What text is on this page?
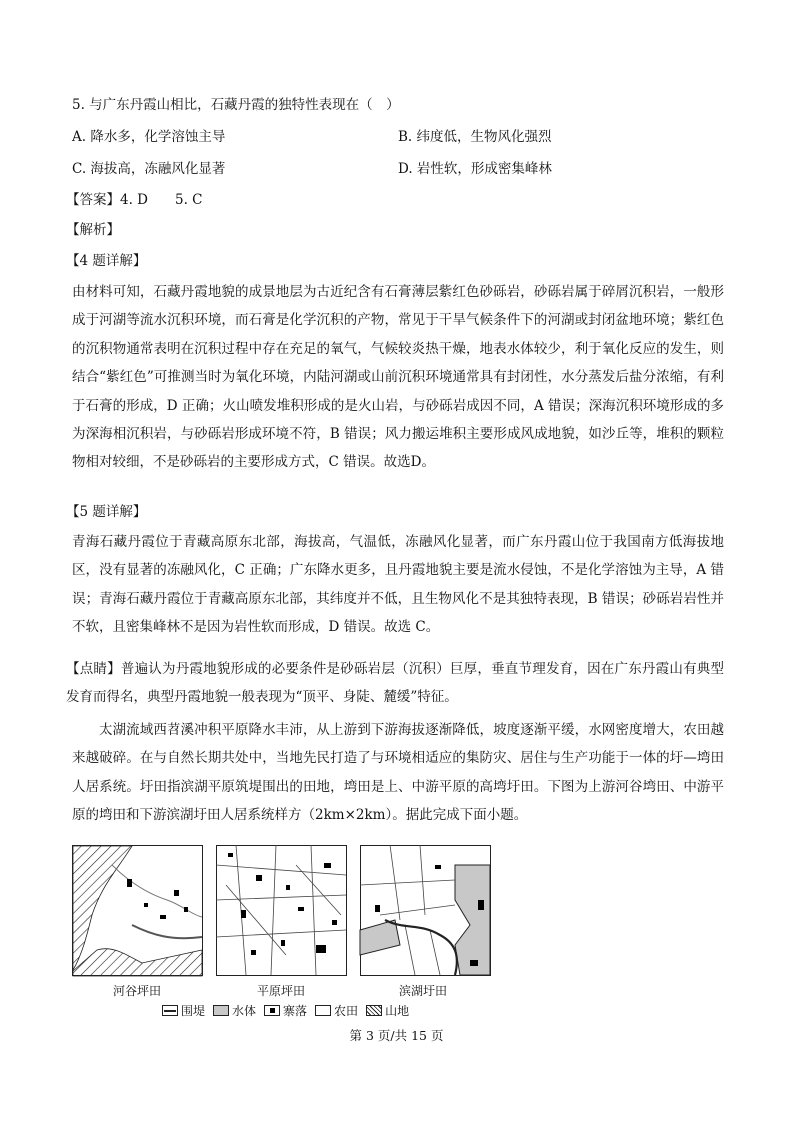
5. 与广东丹霞山相比，石藏丹霞的独特性表现在（　）
A. 降水多，化学溶蚀主导	B. 纬度低，生物风化强烈
C. 海拔高，冻融风化显著	D. 岩性软，形成密集峰林
【答案】4. D　　5. C
【解析】
【4 题详解】
由材料可知，石藏丹霞地貌的成景地层为古近纪含有石膏薄层紫红色砂砾岩，砂砾岩属于碎屑沉积岩，一般形成于河湖等流水沉积环境，而石膏是化学沉积的产物，常见于干旱气候条件下的河湖或封闭盆地环境；紫红色的沉积物通常表明在沉积过程中存在充足的氧气，气候较炎热干燥，地表水体较少，利于氧化反应的发生，则结合“紫红色”可推测当时为氧化环境，内陆河湖或山前沉积环境通常具有封闭性，水分蒸发后盐分浓缩，有利于石膏的形成，D 正确；火山喷发堆积形成的是火山岩，与砂砾岩成因不同，A 错误；深海沉积环境形成的多为深海相沉积岩，与砂砾岩形成环境不符，B 错误；风力搬运堆积主要形成风成地貌，如沙丘等，堆积的颗粒物相对较细，不是砂砾岩的主要形成方式，C 错误。故选D。
【5 题详解】
青海石藏丹霞位于青藏高原东北部，海拔高，气温低，冻融风化显著，而广东丹霞山位于我国南方低海拔地区，没有显著的冻融风化，C 正确；广东降水更多，且丹霞地貌主要是流水侵蚀，不是化学溶蚀为主导，A 错误；青海石藏丹霞位于青藏高原东北部，其纬度并不低，且生物风化不是其独特表现，B 错误；砂砾岩岩性并不软，且密集峰林不是因为岩性软而形成，D 错误。故选 C。
【点睛】普遍认为丹霞地貌形成的必要条件是砂砾岩层（沉积）巨厚，垂直节理发育，因在广东丹霞山有典型发育而得名，典型丹霞地貌一般表现为“顶平、身陡、麓缓”特征。
太湖流域西苕溪冲积平原降水丰沛，从上游到下游海拔逐渐降低，坡度逐渐平缓，水网密度增大，农田越来越破碎。在与自然长期共处中，当地先民打造了与环境相适应的集防灾、居住与生产功能于一体的圩—塆田人居系统。圩田指滨湖平原筑堤围出的田地，塆田是上、中游平原的高塆圩田。下图为上游河谷塆田、中游平原的塆田和下游滨湖圩田人居系统样方（2km×2km）。据此完成下面小题。
河谷坪田	平原坪田	滨湖圩田
围堤 水体 寨落 农田 山地
第 3 页/共 15 页
